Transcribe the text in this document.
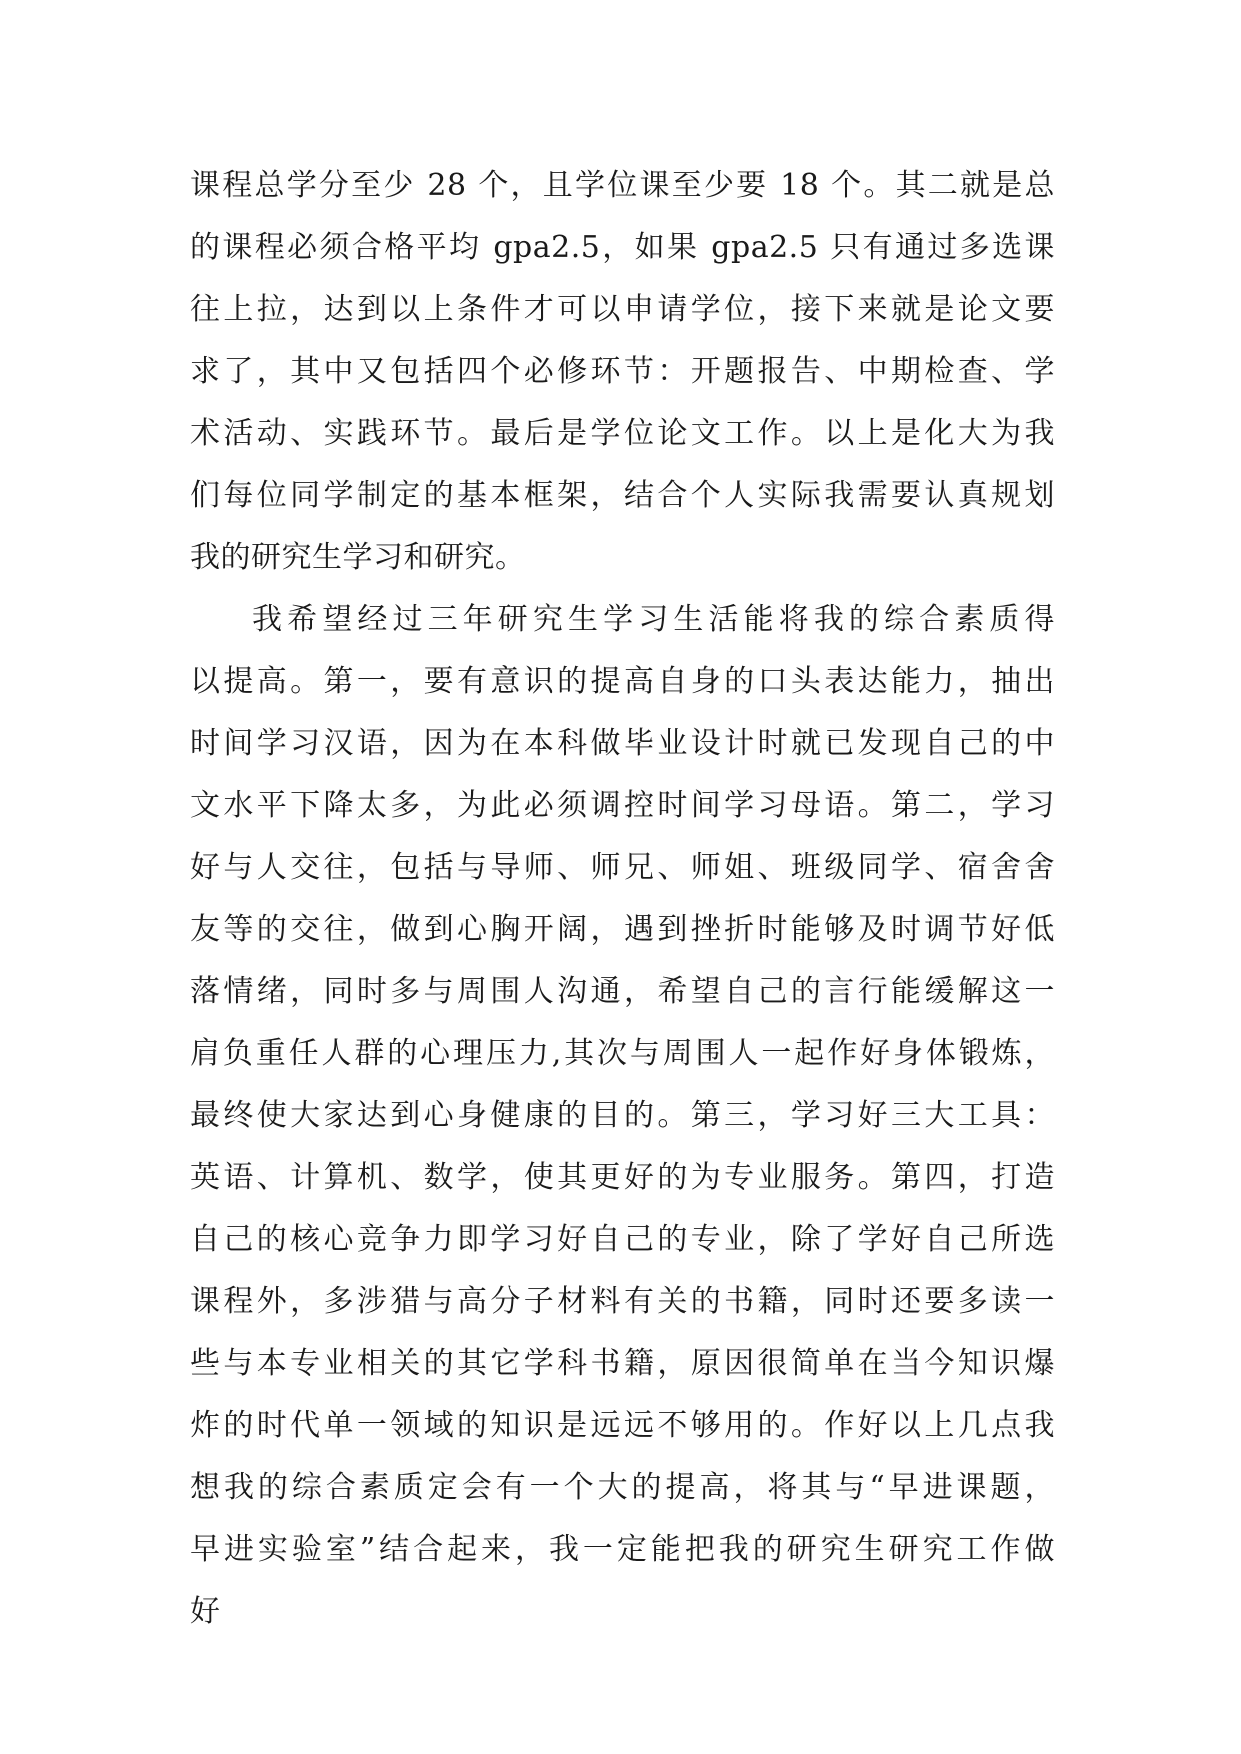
课程总学分至少 28 个，且学位课至少要 18 个。其二就是总
的课程必须合格平均 gpa2.5，如果 gpa2.5 只有通过多选课
往上拉，达到以上条件才可以申请学位，接下来就是论文要
求了，其中又包括四个必修环节：开题报告、中期检查、学
术活动、实践环节。最后是学位论文工作。以上是化大为我
们每位同学制定的基本框架，结合个人实际我需要认真规划
我的研究生学习和研究。
我希望经过三年研究生学习生活能将我的综合素质得
以提高。第一，要有意识的提高自身的口头表达能力，抽出
时间学习汉语，因为在本科做毕业设计时就已发现自己的中
文水平下降太多，为此必须调控时间学习母语。第二，学习
好与人交往，包括与导师、师兄、师姐、班级同学、宿舍舍
友等的交往，做到心胸开阔，遇到挫折时能够及时调节好低
落情绪，同时多与周围人沟通，希望自己的言行能缓解这一
肩负重任人群的心理压力,其次与周围人一起作好身体锻炼，
最终使大家达到心身健康的目的。第三，学习好三大工具：
英语、计算机、数学，使其更好的为专业服务。第四，打造
自己的核心竞争力即学习好自己的专业，除了学好自己所选
课程外，多涉猎与高分子材料有关的书籍，同时还要多读一
些与本专业相关的其它学科书籍，原因很简单在当今知识爆
炸的时代单一领域的知识是远远不够用的。作好以上几点我
想我的综合素质定会有一个大的提高，将其与“早进课题，
早进实验室”结合起来，我一定能把我的研究生研究工作做
好
